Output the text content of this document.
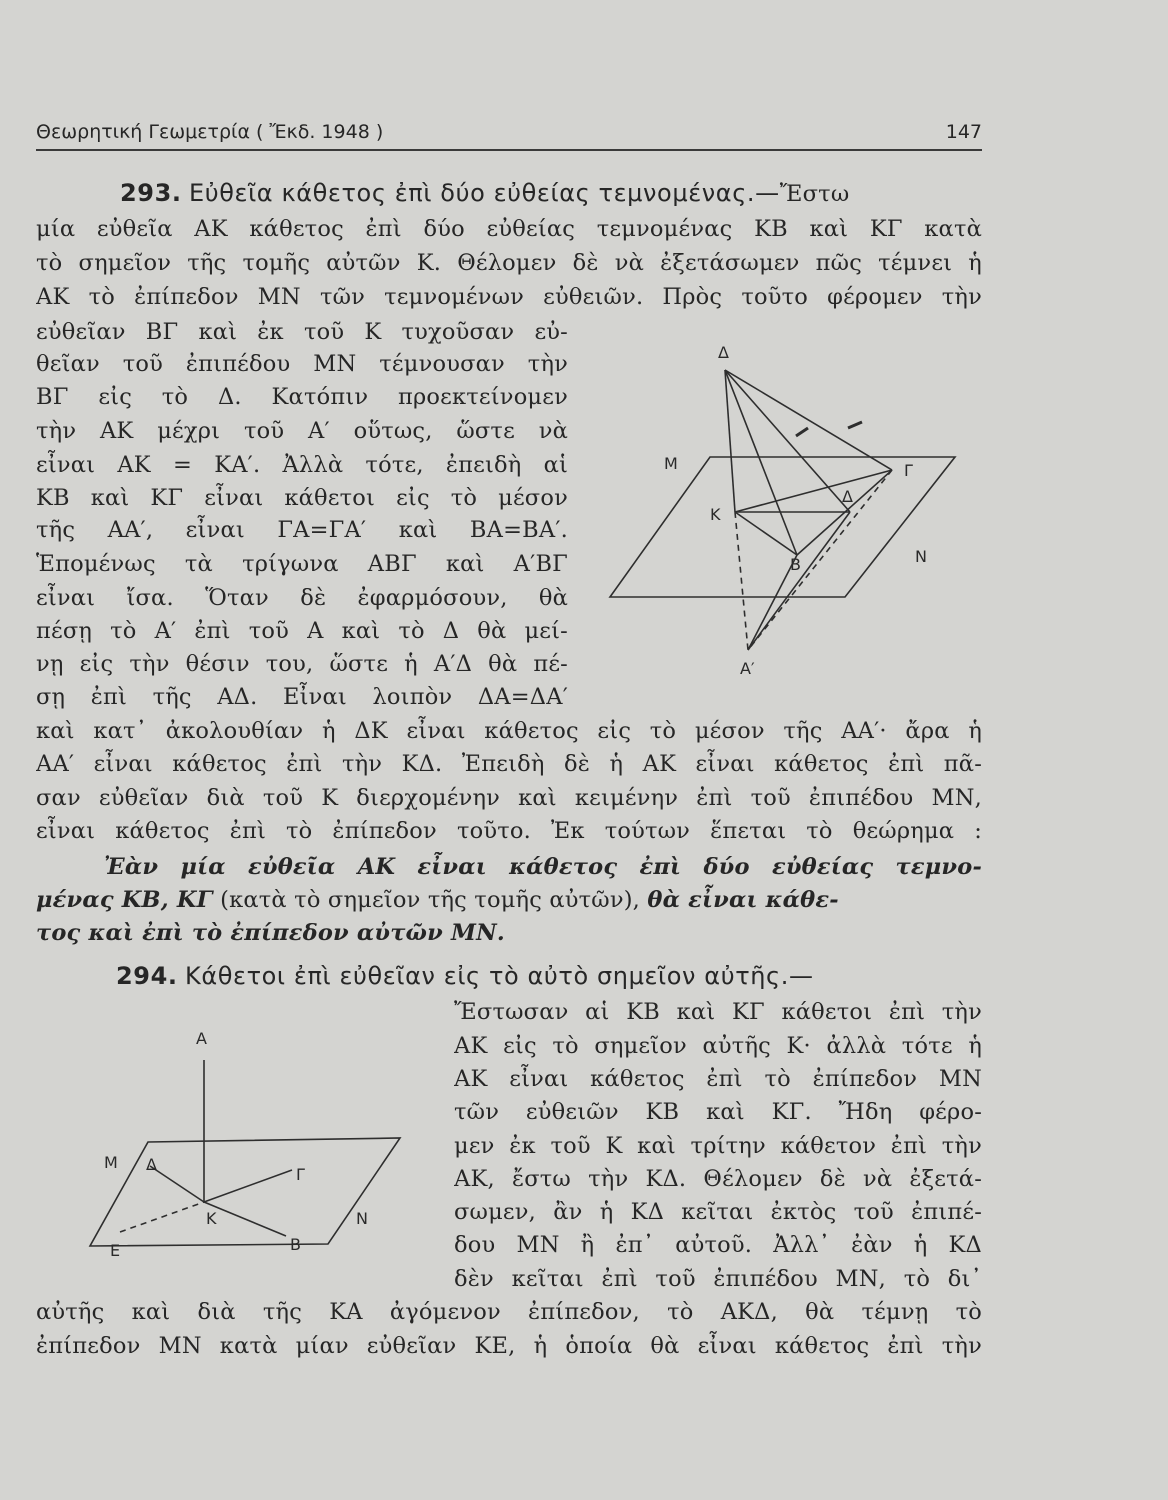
Θεωρητική Γεωμετρία ( Ἔκδ. 1948 )	147
293. Εὐθεῖα κάθετος ἐπὶ δύο εὐθείας τεμνομένας.—Ἔστω
μία εὐθεῖα ΑΚ κάθετος ἐπὶ δύο εὐθείας τεμνομένας ΚΒ καὶ ΚΓ κατὰ
τὸ σημεῖον τῆς τομῆς αὐτῶν Κ. Θέλομεν δὲ νὰ ἐξετάσωμεν πῶς τέμνει ἡ
ΑΚ τὸ ἐπίπεδον ΜΝ τῶν τεμνομένων εὐθειῶν. Πρὸς τοῦτο φέρομεν τὴν
εὐθεῖαν ΒΓ καὶ ἐκ τοῦ Κ τυχοῦσαν εὐ-
θεῖαν τοῦ ἐπιπέδου ΜΝ τέμνουσαν τὴν
ΒΓ εἰς τὸ Δ. Κατόπιν προεκτείνομεν
τὴν ΑΚ μέχρι τοῦ Α′ οὕτως, ὥστε νὰ
εἶναι ΑΚ = ΚΑ′. Ἀλλὰ τότε, ἐπειδὴ αἱ
ΚΒ καὶ ΚΓ εἶναι κάθετοι εἰς τὸ μέσον
τῆς ΑΑ′, εἶναι ΓΑ=ΓΑ′ καὶ ΒΑ=ΒΑ′.
Ἑπομένως τὰ τρίγωνα ΑΒΓ καὶ Α′ΒΓ
εἶναι ἴσα. Ὅταν δὲ ἐφαρμόσουν, θὰ
πέσῃ τὸ Α′ ἐπὶ τοῦ Α καὶ τὸ Δ θὰ μεί-
νῃ εἰς τὴν θέσιν του, ὥστε ἡ Α′Δ θὰ πέ-
σῃ ἐπὶ τῆς ΑΔ. Εἶναι λοιπὸν ΔΑ=ΔΑ′
καὶ κατ᾽ ἀκολουθίαν ἡ ΔΚ εἶναι κάθετος εἰς τὸ μέσον τῆς ΑΑ′· ἄρα ἡ
ΑΑ′ εἶναι κάθετος ἐπὶ τὴν ΚΔ. Ἐπειδὴ δὲ ἡ ΑΚ εἶναι κάθετος ἐπὶ πᾶ-
σαν εὐθεῖαν διὰ τοῦ Κ διερχομένην καὶ κειμένην ἐπὶ τοῦ ἐπιπέδου ΜΝ,
εἶναι κάθετος ἐπὶ τὸ ἐπίπεδον τοῦτο. Ἐκ τούτων ἕπεται τὸ θεώρημα :
Ἐὰν μία εὐθεῖα ΑΚ εἶναι κάθετος ἐπὶ δύο εὐθείας τεμνο-
μένας ΚΒ, ΚΓ (κατὰ τὸ σημεῖον τῆς τομῆς αὐτῶν), θὰ εἶναι κάθε-
τος καὶ ἐπὶ τὸ ἐπίπεδον αὐτῶν ΜΝ.
294. Κάθετοι ἐπὶ εὐθεῖαν εἰς τὸ αὐτὸ σημεῖον αὐτῆς.—
Ἔστωσαν αἱ ΚΒ καὶ ΚΓ κάθετοι ἐπὶ τὴν
ΑΚ εἰς τὸ σημεῖον αὐτῆς Κ· ἀλλὰ τότε ἡ
ΑΚ εἶναι κάθετος ἐπὶ τὸ ἐπίπεδον ΜΝ
τῶν εὐθειῶν ΚΒ καὶ ΚΓ. Ἤδη φέρο-
μεν ἐκ τοῦ Κ καὶ τρίτην κάθετον ἐπὶ τὴν
ΑΚ, ἔστω τὴν ΚΔ. Θέλομεν δὲ νὰ ἐξετά-
σωμεν, ἂν ἡ ΚΔ κεῖται ἐκτὸς τοῦ ἐπιπέ-
δου ΜΝ ἢ ἐπ᾽ αὐτοῦ. Ἀλλ᾽ ἐὰν ἡ ΚΔ
δὲν κεῖται ἐπὶ τοῦ ἐπιπέδου ΜΝ, τὸ δι᾽
αὐτῆς καὶ διὰ τῆς ΚΑ ἀγόμενον ἐπίπεδον, τὸ ΑΚΔ, θὰ τέμνῃ τὸ
ἐπίπεδον ΜΝ κατὰ μίαν εὐθεῖαν ΚΕ, ἡ ὁποία θὰ εἶναι κάθετος ἐπὶ τὴν
Δ
Μ	Γ
Δ
Κ
Β	Ν
Α′
Α
Μ Δ
Γ
Κ	Ν
Ε	Β
